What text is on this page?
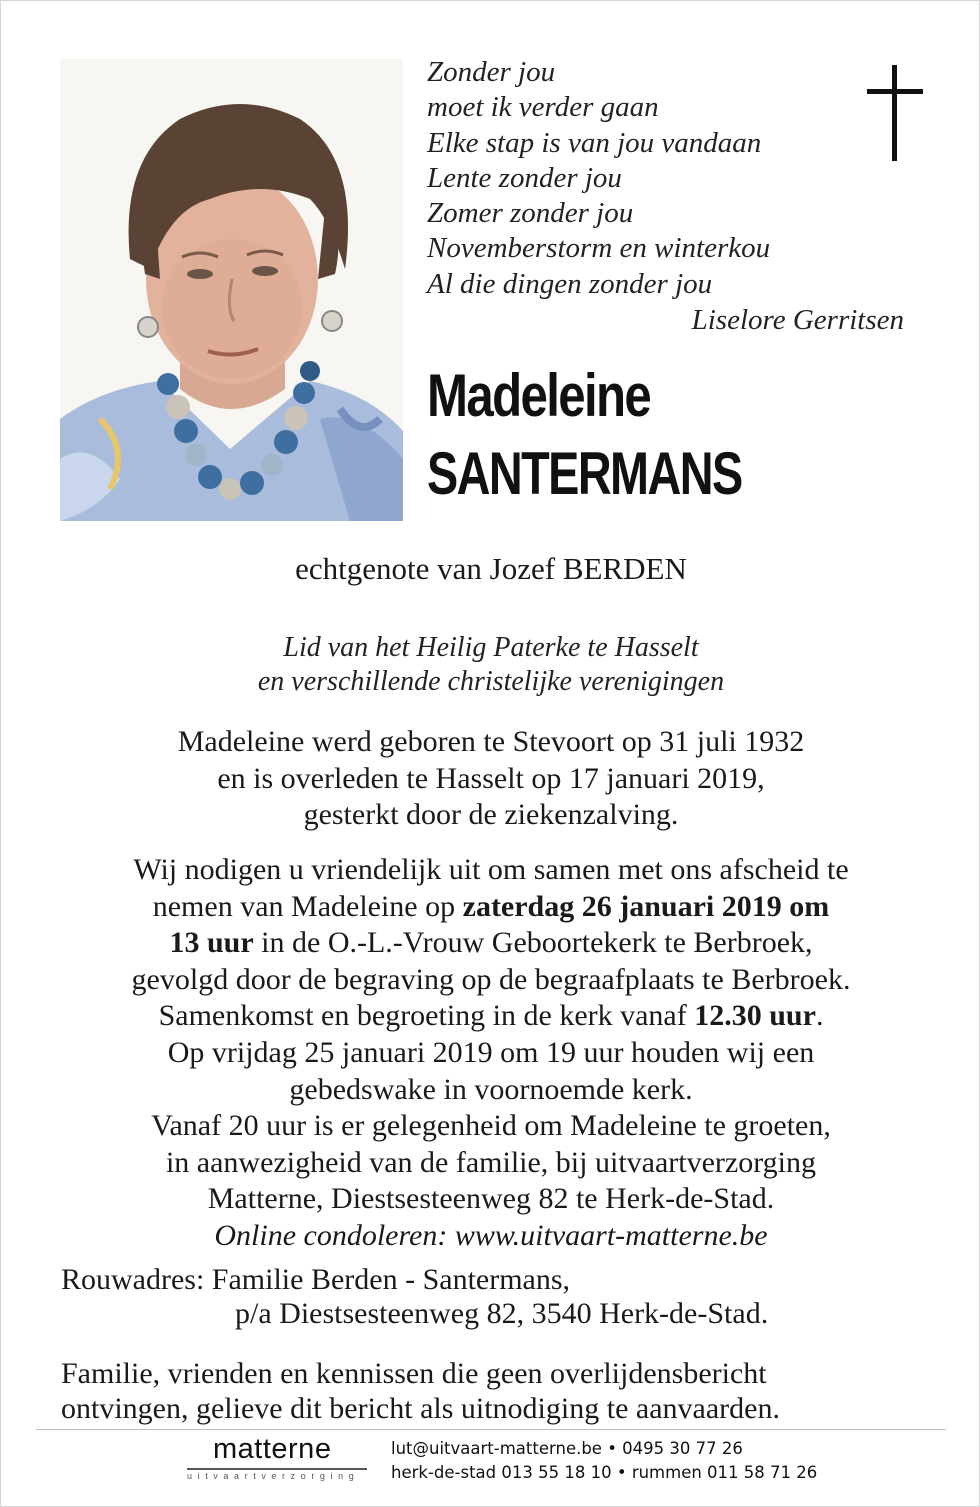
Zonder jou
moet ik verder gaan
Elke stap is van jou vandaan
Lente zonder jou
Zomer zonder jou
Novemberstorm en winterkou
Al die dingen zonder jou
Liselore Gerritsen
Madeleine
SANTERMANS
echtgenote van Jozef BERDEN
Lid van het Heilig Paterke te Hasselt
en verschillende christelijke verenigingen
Madeleine werd geboren te Stevoort op 31 juli 1932
en is overleden te Hasselt op 17 januari 2019,
gesterkt door de ziekenzalving.
Wij nodigen u vriendelijk uit om samen met ons afscheid te
nemen van Madeleine op zaterdag 26 januari 2019 om
13 uur in de O.-L.-Vrouw Geboortekerk te Berbroek,
gevolgd door de begraving op de begraafplaats te Berbroek.
Samenkomst en begroeting in de kerk vanaf 12.30 uur.
Op vrijdag 25 januari 2019 om 19 uur houden wij een
gebedswake in voornoemde kerk.
Vanaf 20 uur is er gelegenheid om Madeleine te groeten,
in aanwezigheid van de familie, bij uitvaartverzorging
Matterne, Diestsesteenweg 82 te Herk-de-Stad.
Online condoleren: www.uitvaart-matterne.be
Rouwadres: Familie Berden - Santermans,
p/a Diestsesteenweg 82, 3540 Herk-de-Stad.
Familie, vrienden en kennissen die geen overlijdensbericht
ontvingen, gelieve dit bericht als uitnodiging te aanvaarden.
matterne
uitvaartverzorging
lut@uitvaart-matterne.be • 0495 30 77 26
herk-de-stad 013 55 18 10 • rummen 011 58 71 26
